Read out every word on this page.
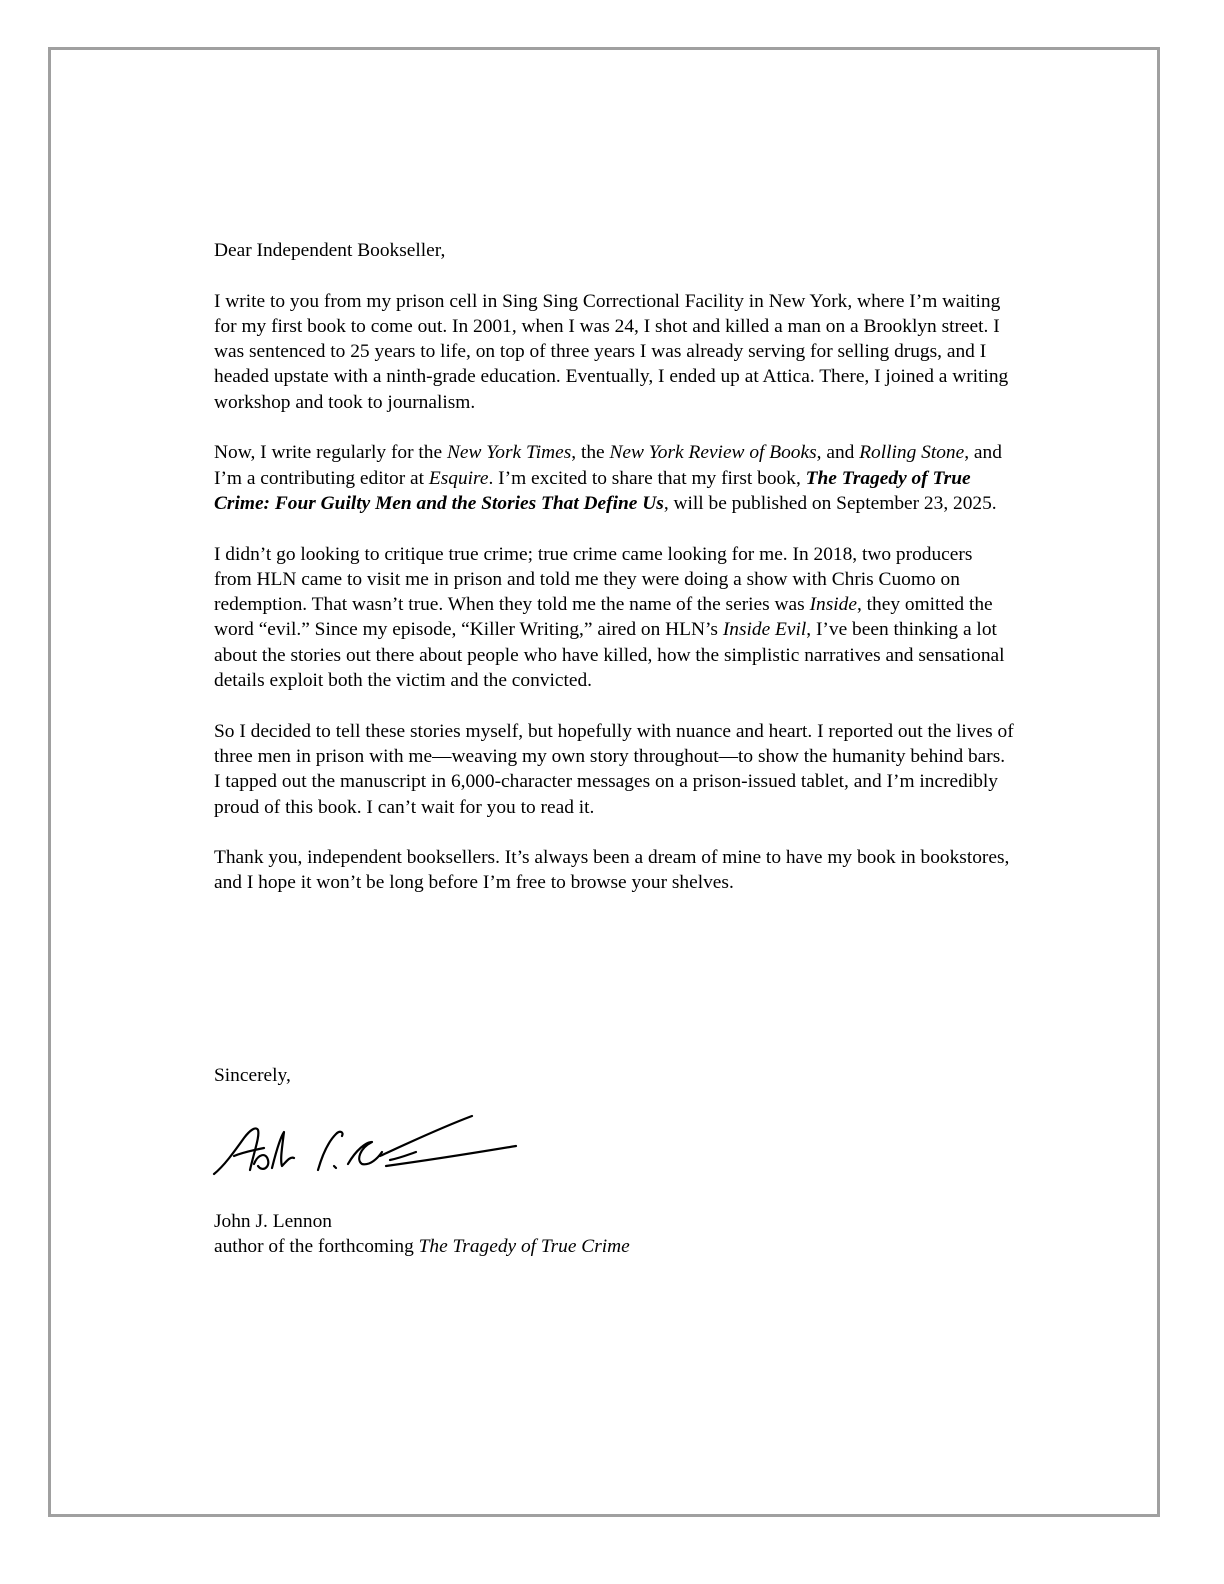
Dear Independent Bookseller,

I write to you from my prison cell in Sing Sing Correctional Facility in New York, where I’m waiting for my first book to come out. In 2001, when I was 24, I shot and killed a man on a Brooklyn street. I was sentenced to 25 years to life, on top of three years I was already serving for selling drugs, and I headed upstate with a ninth-grade education. Eventually, I ended up at Attica. There, I joined a writing workshop and took to journalism.

Now, I write regularly for the New York Times, the New York Review of Books, and Rolling Stone, and I’m a contributing editor at Esquire. I’m excited to share that my first book, The Tragedy of True Crime: Four Guilty Men and the Stories That Define Us, will be published on September 23, 2025.

I didn’t go looking to critique true crime; true crime came looking for me. In 2018, two producers from HLN came to visit me in prison and told me they were doing a show with Chris Cuomo on redemption. That wasn’t true. When they told me the name of the series was Inside, they omitted the word “evil.” Since my episode, “Killer Writing,” aired on HLN’s Inside Evil, I’ve been thinking a lot about the stories out there about people who have killed, how the simplistic narratives and sensational details exploit both the victim and the convicted.

So I decided to tell these stories myself, but hopefully with nuance and heart. I reported out the lives of three men in prison with me—weaving my own story throughout—to show the humanity behind bars. I tapped out the manuscript in 6,000-character messages on a prison-issued tablet, and I’m incredibly proud of this book. I can’t wait for you to read it.

Thank you, independent booksellers. It’s always been a dream of mine to have my book in bookstores, and I hope it won’t be long before I’m free to browse your shelves.

Sincerely,
John J. Lennon
author of the forthcoming The Tragedy of True Crime
